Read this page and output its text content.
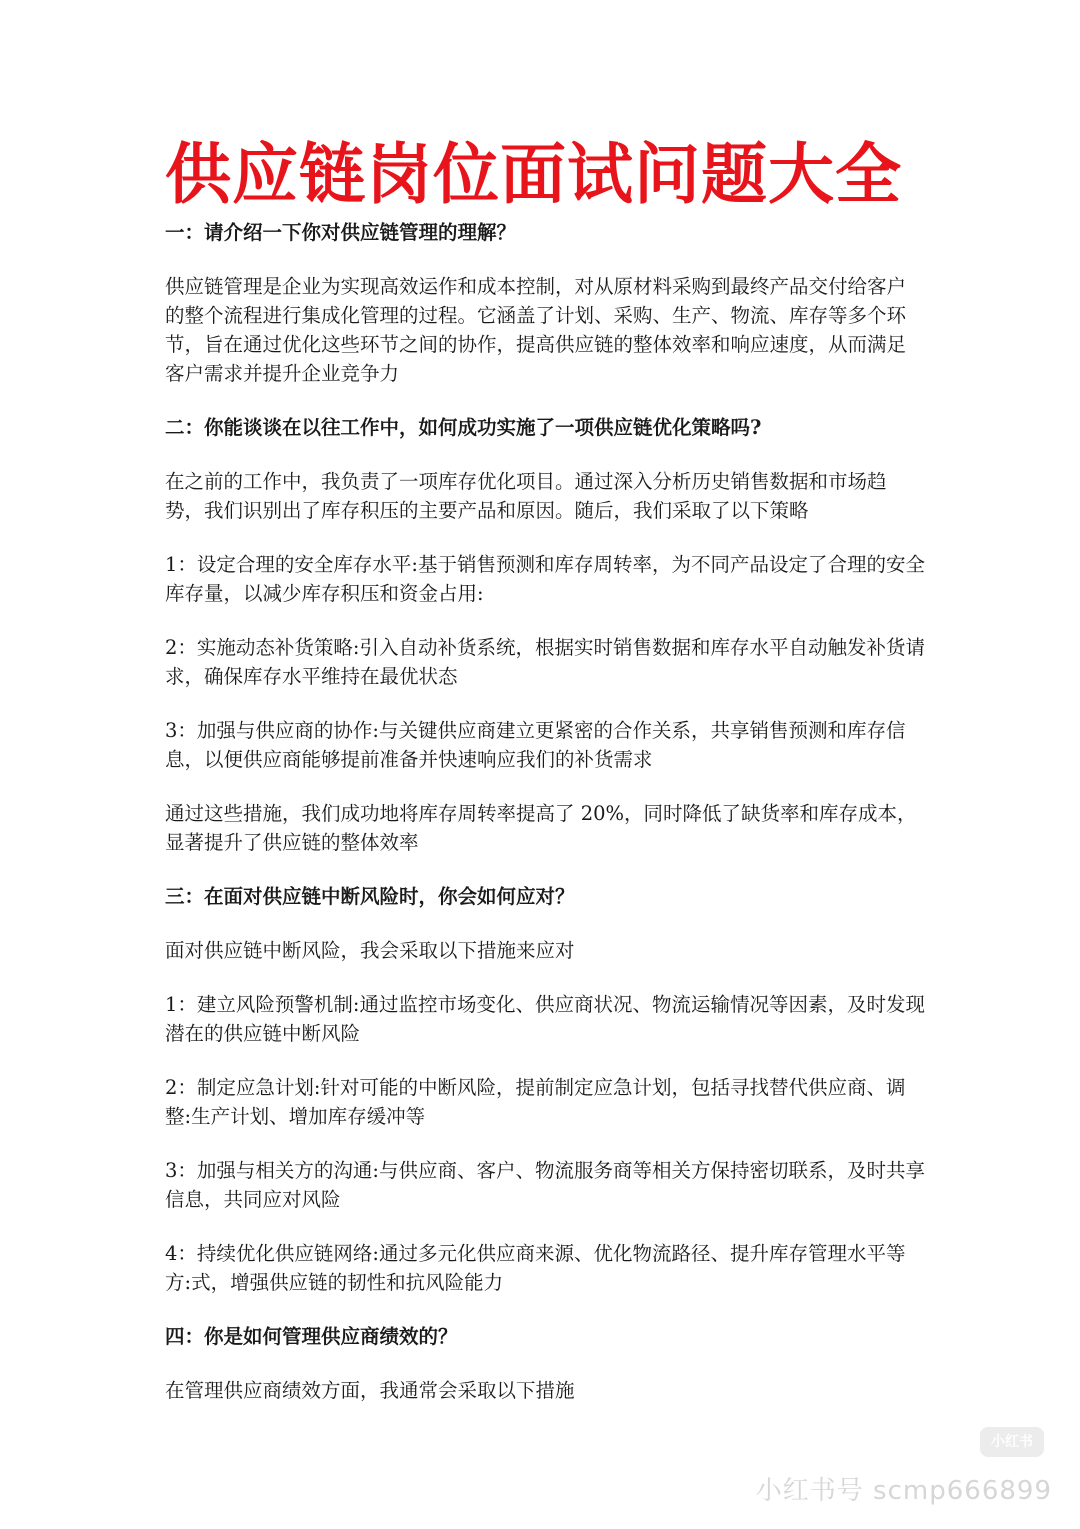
供应链岗位面试问题大全

一：请介绍一下你对供应链管理的理解？

供应链管理是企业为实现高效运作和成本控制，对从原材料采购到最终产品交付给客户的整个流程进行集成化管理的过程。它涵盖了计划、采购、生产、物流、库存等多个环节，旨在通过优化这些环节之间的协作，提高供应链的整体效率和响应速度，从而满足客户需求并提升企业竞争力

二：你能谈谈在以往工作中，如何成功实施了一项供应链优化策略吗?

在之前的工作中，我负责了一项库存优化项目。通过深入分析历史销售数据和市场趋势，我们识别出了库存积压的主要产品和原因。随后，我们采取了以下策略

1：设定合理的安全库存水平:基于销售预测和库存周转率，为不同产品设定了合理的安全库存量，以减少库存积压和资金占用:

2：实施动态补货策略:引入自动补货系统，根据实时销售数据和库存水平自动触发补货请求，确保库存水平维持在最优状态

3：加强与供应商的协作:与关键供应商建立更紧密的合作关系，共享销售预测和库存信息，以便供应商能够提前准备并快速响应我们的补货需求

通过这些措施，我们成功地将库存周转率提高了 20%，同时降低了缺货率和库存成本，显著提升了供应链的整体效率

三：在面对供应链中断风险时，你会如何应对？

面对供应链中断风险，我会采取以下措施来应对

1：建立风险预警机制:通过监控市场变化、供应商状况、物流运输情况等因素，及时发现潜在的供应链中断风险

2：制定应急计划:针对可能的中断风险，提前制定应急计划，包括寻找替代供应商、调整:生产计划、增加库存缓冲等

3：加强与相关方的沟通:与供应商、客户、物流服务商等相关方保持密切联系，及时共享信息，共同应对风险

4：持续优化供应链网络:通过多元化供应商来源、优化物流路径、提升库存管理水平等方:式，增强供应链的韧性和抗风险能力

四：你是如何管理供应商绩效的？

在管理供应商绩效方面，我通常会采取以下措施

小红书
小红书号 scmp666899
